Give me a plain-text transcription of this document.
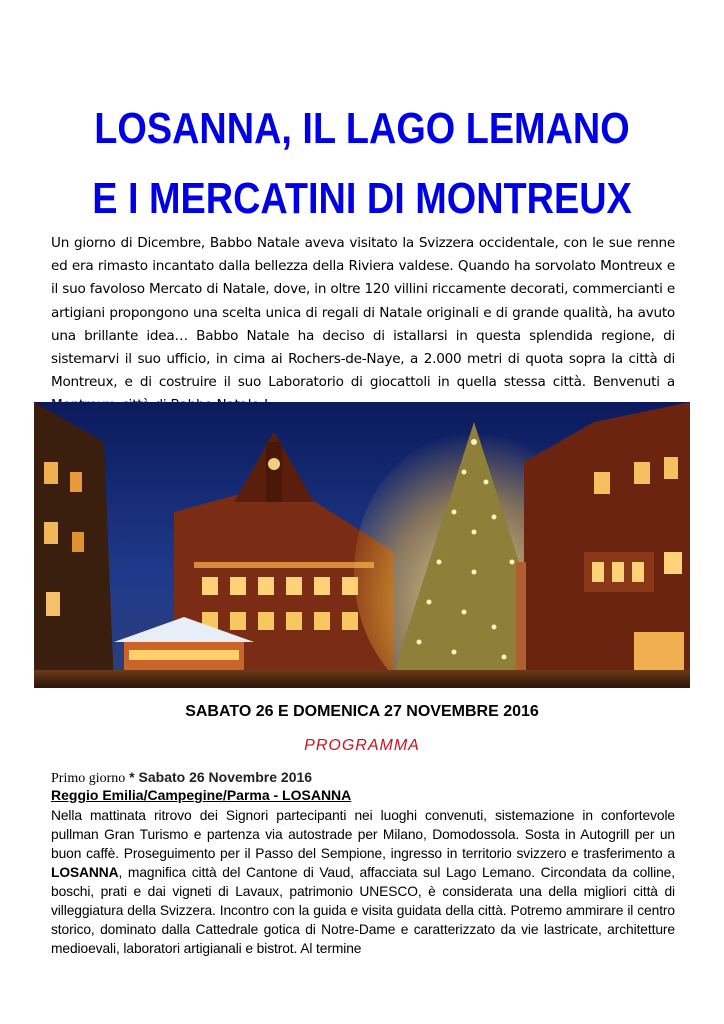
LOSANNA, IL LAGO LEMANO
E I MERCATINI DI MONTREUX
Un giorno di Dicembre, Babbo Natale aveva visitato la Svizzera occidentale, con le sue renne ed era rimasto incantato dalla bellezza della Riviera valdese. Quando ha sorvolato Montreux e il suo favoloso Mercato di Natale, dove, in oltre 120 villini riccamente decorati, commercianti e artigiani propongono una scelta unica di regali di Natale originali e di grande qualità, ha avuto una brillante idea… Babbo Natale ha deciso di istallarsi in questa splendida regione, di sistemarvi il suo ufficio, in cima ai Rochers-de-Naye, a 2.000 metri di quota sopra la città di Montreux, e di costruire il suo Laboratorio di giocattoli in quella stessa città. Benvenuti a
SABATO 26 E DOMENICA 27 NOVEMBRE 2016
PROGRAMMA
Primo giorno * Sabato 26 Novembre 2016
Reggio Emilia/Campegine/Parma - LOSANNA
Nella mattinata ritrovo dei Signori partecipanti nei luoghi convenuti, sistemazione in confortevole pullman Gran Turismo e partenza via autostrade per Milano, Domodossola. Sosta in Autogrill per un buon caffè. Proseguimento per il Passo del Sempione, ingresso in territorio svizzero e trasferimento a LOSANNA, magnifica città del Cantone di Vaud, affacciata sul Lago Lemano. Circondata da colline, boschi, prati e dai vigneti di Lavaux, patrimonio UNESCO, è considerata una della migliori città di villeggiatura della Svizzera. Incontro con la guida e visita guidata della città. Potremo ammirare il centro storico, dominato dalla Cattedrale gotica di Notre-Dame e caratterizzato da vie lastricate, architetture medioevali, laboratori artigianali e bistrot. Al termine
